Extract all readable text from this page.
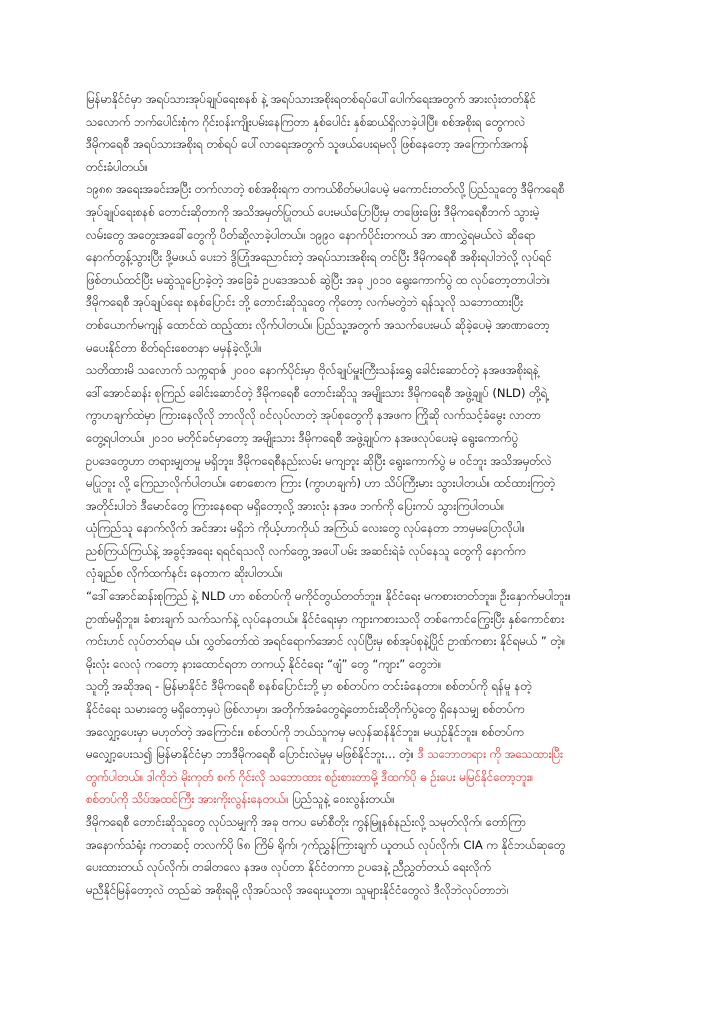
မြန်မာနိုင်ငံမှာ အရပ်သားအုပ်ချုပ်ရေးစနစ် နဲ့ အရပ်သားအစိုးရတစ်ရပ်ပေါ်ပေါက်ရေးအတွက် အားလုံးတတ်နိုင်
သလောက် ဘက်ပေါင်းစုံက ဂိုင်းဝန်းကျိုးပမ်းနေကြတာ နှစ်ပေါင်း နှစ်ဆယ်ရှိလာခဲ့ပါပြီ။ စစ်အစိုးရ တွေကလဲ
ဒီမိုကရေစီ အရပ်သားအစိုးရ တစ်ရပ် ပေါ်လာရေးအတွက် သူဖယ်ပေးရမလို ဖြစ်နေတော့ အကြောက်အကန်
တင်းခံပါတယ်။
၁၉၈၈ အရေးအခင်းအပြီး တက်လာတဲ့ စစ်အစိုးရက တကယ်စိတ်မပါပေမဲ့ မကောင်းတတ်လို့ ပြည်သူတွေ ဒီမိုကရေစီ
အုပ်ချုပ်ရေးစနစ် တောင်းဆိုတာကို အသိအမှတ်ပြုတယ် ပေးမယ်ပြောပြီးမှ တဖြေးဖြေး ဒီမိုကရေစီဘက် သွားမဲ့
လမ်းတွေ အတွေးအခေါ်တွေကို ပိတ်ဆို့လာခဲ့ပါတယ်။ ၁၉၉၀ နောက်ပိုင်းတကယ် အာ ဏာလွှဲရမယ်လဲ ဆိုရော
နောက်တွန့်သွားပြီး ဒို့မဖယ် ပေးဘဲ ဒွိဟြုံအညောင်းတဲ့ အရပ်သားအစိုးရ တင်ပြီး ဒီမိုကရေစီ အစိုးရပါဘဲလို့ လုပ်ရင်
ဖြစ်တယ်ထင်ပြီး မဆွဲသူပြောခဲ့တဲ့ အခြေခံ ဥပဒေအသစ် ဆွဲပြီး အခု ၂၀၁၀ ရွေးကောက်ပွဲ ထ လုပ်တော့တာပါဘဲ။
ဒီမိုကရေစီ အုပ်ချုပ်ရေး စနစ်ပြောင်း ဘို့ တောင်းဆိုသူတွေ ကိုတော့ လက်မတွဲဘဲ ရန်သူလို သဘောထားပြီး
တစ်ယောက်မကျန် ထောင်ထဲ ထည့်ထား လိုက်ပါတယ်။ ပြည်သူ့အတွက် အသက်ပေးမယ် ဆိုခဲ့ပေမဲ့ အာဏာတော့
မပေးနိုင်တာ စိတ်ရင်းစေတနာ မမှန်ခဲ့လို့ပါ။
သတိထားမိ သလောက် သက္ကရာဇ် ၂၀၀၀ နောက်ပိုင်းမှာ ဗိုလ်ချုပ်မှူးကြီးသန်းရွှေ ခေါင်းဆောင်တဲ့ နအဖအစိုးရနဲ့
ဒေါ်အောင်ဆန်း စုကြည် ခေါင်းဆောင်တဲ့ ဒီမိုကရေစီ တောင်းဆိုသူ အမျိုးသား ဒီမိုကရေစီ အဖွဲ့ချုပ် (NLD) တို့ရဲ့
ကွာဟချက်ထဲမှာ ကြားနေလိုလို ဘာလိုလို ဝင်လုပ်လာတဲ့ အုပ်စုတွေကို နအဖက ကြိုဆို လက်သင့်ခံမွေး လာတာ
တွေ့ရပါတယ်။ ၂၀၁၀ မတိုင်ခင်မှာတော့ အမျိုးသား ဒီမိုကရေစီ အဖွဲ့ချုပ်က နအဖလုပ်ပေးမဲ့ ရွေးကောက်ပွဲ
ဥပဒေတွေဟာ တရားမျှတမှု မရှိဘူး၊ ဒီမိုကရေစီနည်းလမ်း မကျဘူး ဆိုပြီး ရွေးကောက်ပွဲ မ ဝင်ဘူး အသိအမှတ်လဲ
မပြုဘူး လို့ ကြေညာလိုက်ပါတယ်။ စောစောက ကြား (ကွာဟချက်) ဟာ သိပ်ကြီးမား သွားပါတယ်။ ထင်ထားကြတဲ့
အတိုင်းပါဘဲ ဒီမောင်တွေ ကြားနေစရာ မရှိတော့လို့ အားလုံး နအဖ ဘက်ကို ပြေးကပ် သွားကြပါတယ်။
ယုံကြည်သူ နောက်လိုက် အင်အား မရှိဘဲ ကိုယ့်ဟာကိုယ် အကြံယ် လေးတွေ လုပ်နေတာ ဘာမှမပြောလိုပါ။
ညစ်ကြယ်ကြယ်နဲ့ အခွင့်အရေး ရရင်ရသလို လက်တွေ့ အပေါ်ပမ်း အဆင်းရဲခံ လုပ်နေသူ တွေကို နောက်က
လှံချည်စ လိုက်ထက်နင်း နေတာက ဆိုးပါတယ်။
“ဒေါ်အောင်ဆန်းစုကြည် နဲ့ NLD ဟာ စစ်တပ်ကို မကိုင်တွယ်တတ်ဘူး။ နိုင်ငံရေး မကစားတတ်ဘူး။ ဦးနှောက်မပါဘူး။
ဥာဏ်မရှိဘူး။ ခံစားချက် သက်သက်နဲ့ လုပ်နေတယ်။ နိုင်ငံရေးမှာ ကျားကစားသလို တစ်ကောင်ကြွေးပြီး နှစ်ကောင်စား
ကင်းဟင် လုပ်တတ်ရမ ယ်။ လွှတ်တော်ထဲ အရင်ရောက်အောင် လုပ်ပြီးမှ စစ်အုပ်စုနဲ့ပြိုင် ဥာဏ်ကစား နိုင်ရမယ် ” တဲ့။
မိုးလုံး လေလုံ ကတော့ နားထောင်ရတာ တကယ့် နိုင်ငံရေး “ဖျံ” တွေ “ကျား” တွေဘဲ။
သူတို့ အဆိုအရ - မြန်မာနိုင်ငံ ဒီမိုကရေစီ စနစ်ပြောင်းဘို့ မှာ စစ်တပ်က တင်းခံနေတာ။ စစ်တပ်ကို ရန်မူ နတဲ့
နိုင်ငံရေး သမားတွေ မရှိတော့မှပဲ ဖြစ်လာမှာ၊ အတိုက်အခံတွေရဲ့တောင်းဆိုတိုက်ပွဲတွေ ရှိနေသမျှ စစ်တပ်က
အလျှော့ပေးမှာ မဟုတ်တဲ့ အကြောင်း။ စစ်တပ်ကို ဘယ်သူကမှ မလှန်ဆန်နိုင်ဘူး။ မယှဉ်နိုင်ဘူး။ စစ်တပ်က
မလျှော့ပေးသ၍ မြန်မာနိုင်ငံမှာ ဘာဒီမိုကရေစီ ပြောင်းလဲမှုမှ မဖြစ်နိုင်ဘူး... တဲ့။ ဒီ သဘောတရား ကို အသေထားပြီး
တွက်ပါတယ်။ ဒါကိုဘဲ မိုးကုတ် စက် ဂိုင်းလို သဘောထား စဉ်းစားတာမို့ ဒီထက်ပို ဓ ဉ်းပေး မမြင်နိုင်တော့ဘူး။
စစ်တပ်ကို သိပ်အထင်ကြီး အားကိုးလွန်းနေတယ်။ ပြည်သူနဲ့ ဝေးလွန်းတယ်။
ဒီမိုကရေစီ တောင်းဆိုသူတွေ လုပ်သမျှကို အခု ဗကပ မော်စီတိုး ကွန်မြူနစ်နည်းလို့ သမုတ်လိုက်၊ တော်ကြာ
အနောက်သံရုံး ကတဆင့် တလက်ပို ၆၈ ကြိမ် ရိုက်၊ ၇က်ညွှန်ကြားချက် ယူတယ် လုပ်လိုက်၊ CIA က နိုင်ဘယ်ဆုတွေ
ပေးထားတယ် လုပ်လိုက်၊ တခါတလေ နအဖ လုပ်တာ နိုင်ငံတကာ ဥပဒေနဲ့ ညီညွှတ်တယ် ရေးလိုက်
မညီနိုင်မြန်တော့လဲ တည်ဆဲ အစိုးရမို့ လိုအပ်သလို အရေးယူတာ၊ သူများနိုင်ငံတွေလဲ ဒီလိုဘဲလုပ်တာဘဲ၊
